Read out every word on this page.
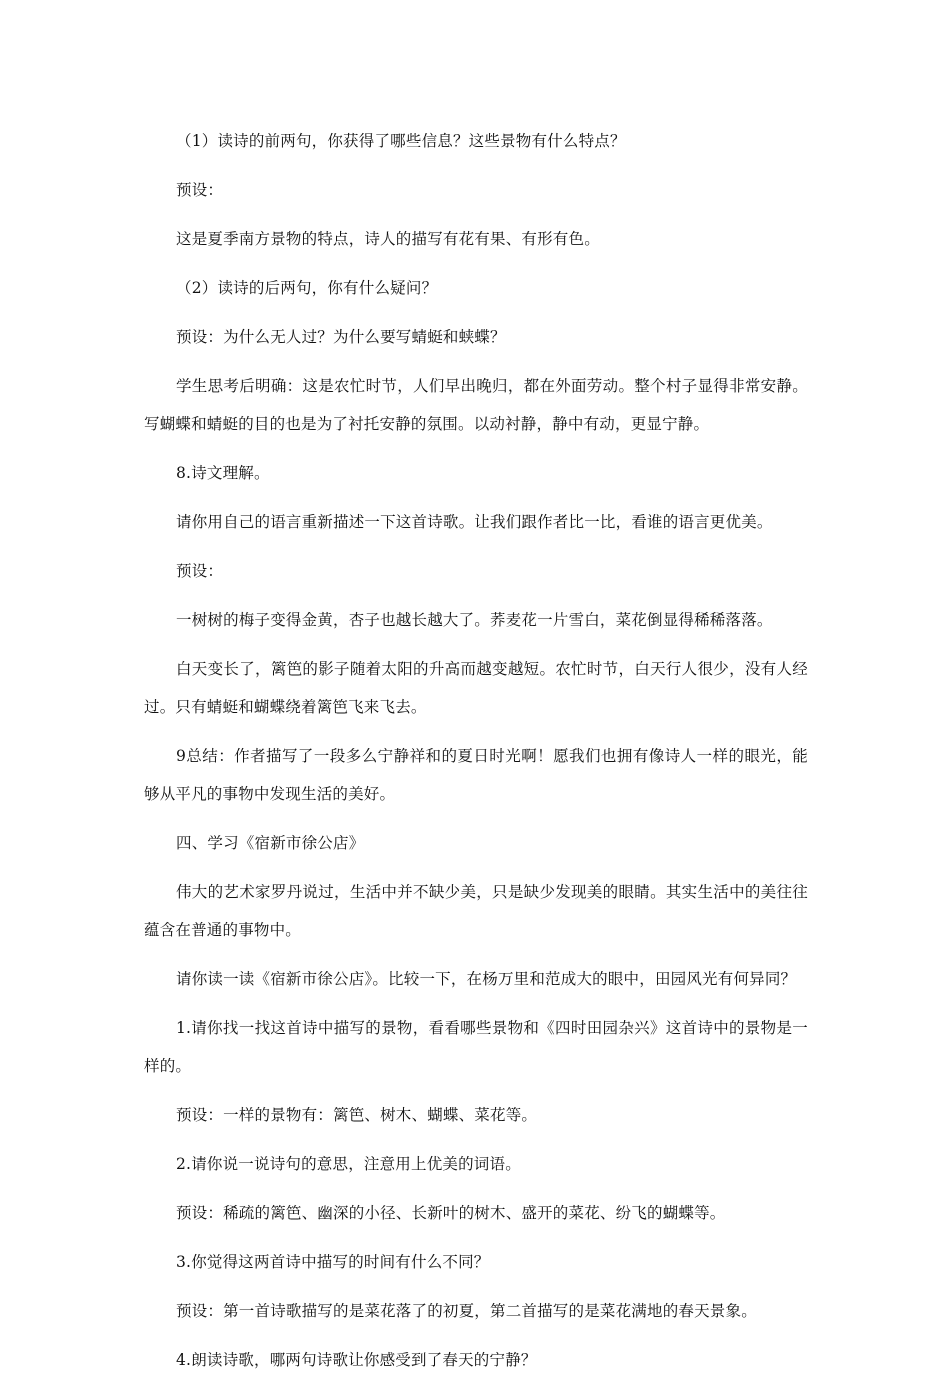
（1）读诗的前两句，你获得了哪些信息？这些景物有什么特点？

预设：

这是夏季南方景物的特点，诗人的描写有花有果、有形有色。

（2）读诗的后两句，你有什么疑问？

预设：为什么无人过？为什么要写蜻蜓和蛱蝶？

学生思考后明确：这是农忙时节，人们早出晚归，都在外面劳动。整个村子显得非常安静。写蝴蝶和蜻蜓的目的也是为了衬托安静的氛围。以动衬静，静中有动，更显宁静。

8.诗文理解。

请你用自己的语言重新描述一下这首诗歌。让我们跟作者比一比，看谁的语言更优美。

预设：

一树树的梅子变得金黄，杏子也越长越大了。荞麦花一片雪白，菜花倒显得稀稀落落。

白天变长了，篱笆的影子随着太阳的升高而越变越短。农忙时节，白天行人很少，没有人经过。只有蜻蜓和蝴蝶绕着篱笆飞来飞去。

9总结：作者描写了一段多么宁静祥和的夏日时光啊！愿我们也拥有像诗人一样的眼光，能够从平凡的事物中发现生活的美好。

四、学习《宿新市徐公店》

伟大的艺术家罗丹说过，生活中并不缺少美，只是缺少发现美的眼睛。其实生活中的美往往蕴含在普通的事物中。

请你读一读《宿新市徐公店》。比较一下，在杨万里和范成大的眼中，田园风光有何异同？

1.请你找一找这首诗中描写的景物，看看哪些景物和《四时田园杂兴》这首诗中的景物是一样的。

预设：一样的景物有：篱笆、树木、蝴蝶、菜花等。

2.请你说一说诗句的意思，注意用上优美的词语。

预设：稀疏的篱笆、幽深的小径、长新叶的树木、盛开的菜花、纷飞的蝴蝶等。

3.你觉得这两首诗中描写的时间有什么不同？

预设：第一首诗歌描写的是菜花落了的初夏，第二首描写的是菜花满地的春天景象。

4.朗读诗歌，哪两句诗歌让你感受到了春天的宁静？
